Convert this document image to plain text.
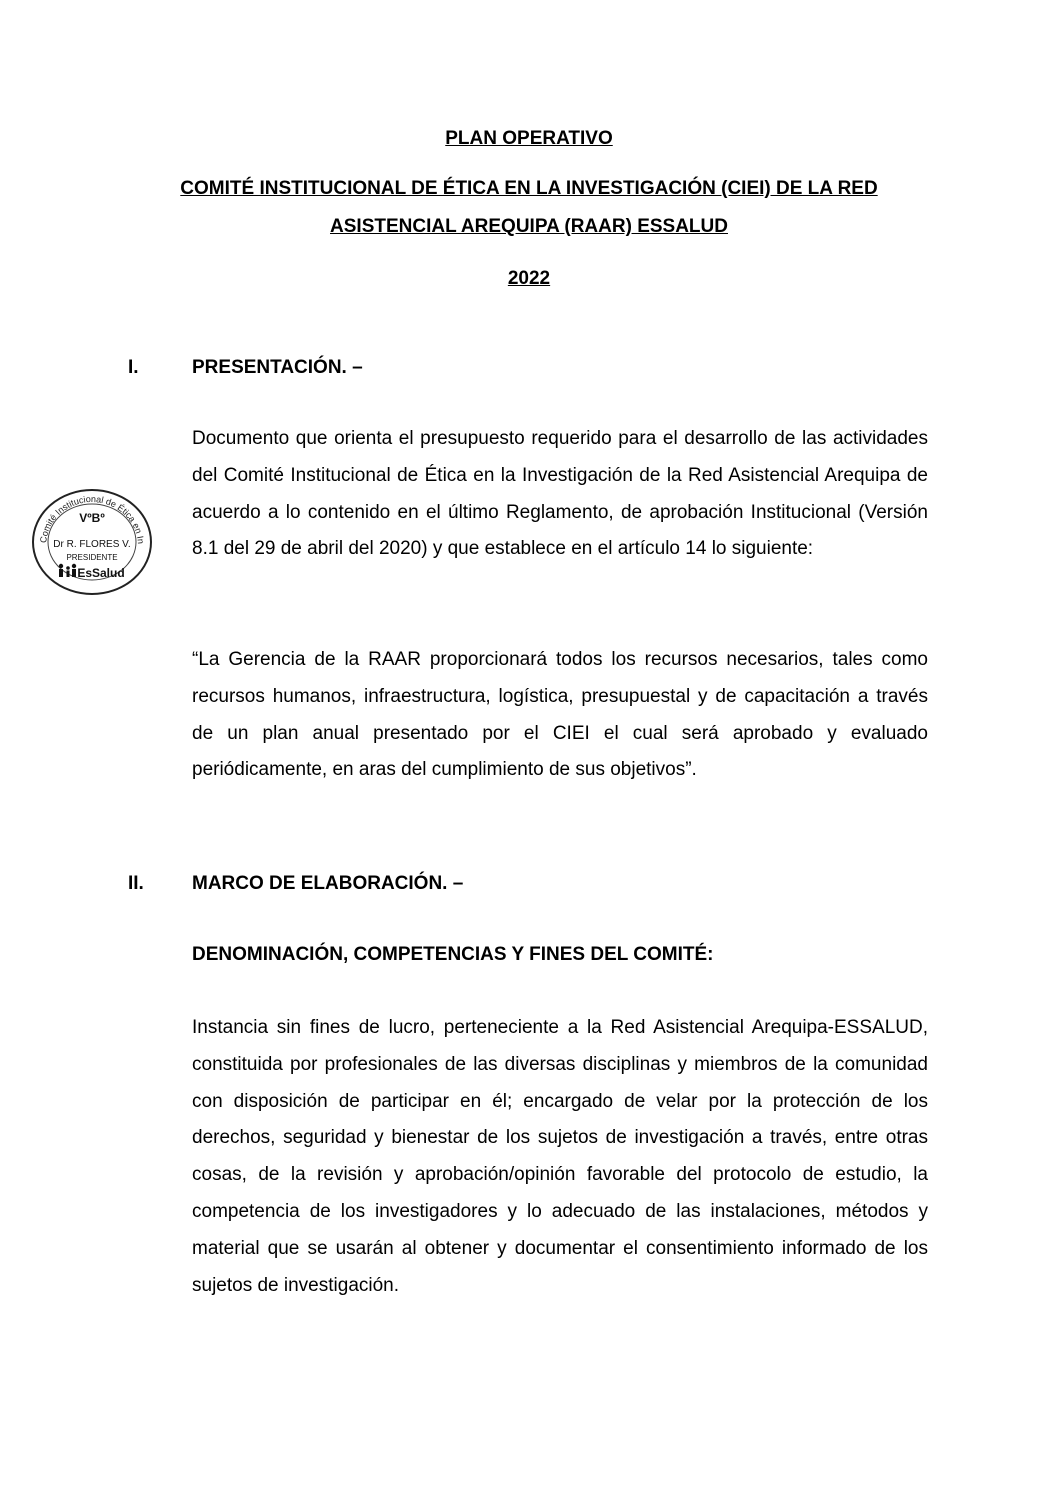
PLAN OPERATIVO
COMITÉ INSTITUCIONAL DE ÉTICA EN LA INVESTIGACIÓN (CIEI) DE LA RED
ASISTENCIAL AREQUIPA (RAAR) ESSALUD
2022
I.	PRESENTACIÓN. –

Documento que orienta el presupuesto requerido para el desarrollo de las actividades del Comité Institucional de Ética en la Investigación de la Red Asistencial Arequipa de acuerdo a lo contenido en el último Reglamento, de aprobación Institucional (Versión 8.1 del 29 de abril del 2020) y que establece en el artículo 14 lo siguiente:

“La Gerencia de la RAAR proporcionará todos los recursos necesarios, tales como recursos humanos, infraestructura, logística, presupuestal y de capacitación a través de un plan anual presentado por el CIEI el cual será aprobado y evaluado periódicamente, en aras del cumplimiento de sus objetivos”.

II.	MARCO DE ELABORACIÓN. –
DENOMINACIÓN, COMPETENCIAS Y FINES DEL COMITÉ:

Instancia sin fines de lucro, perteneciente a la Red Asistencial Arequipa-ESSALUD, constituida por profesionales de las diversas disciplinas y miembros de la comunidad con disposición de participar en él; encargado de velar por la protección de los derechos, seguridad y bienestar de los sujetos de investigación a través, entre otras cosas, de la revisión y aprobación/opinión favorable del protocolo de estudio, la competencia de los investigadores y lo adecuado de las instalaciones, métodos y material que se usarán al obtener y documentar el consentimiento informado de los sujetos de investigación.

Comité Institucional de Ética en In
VºBº
Dr R. FLORES V.
PRESIDENTE
EsSalud
